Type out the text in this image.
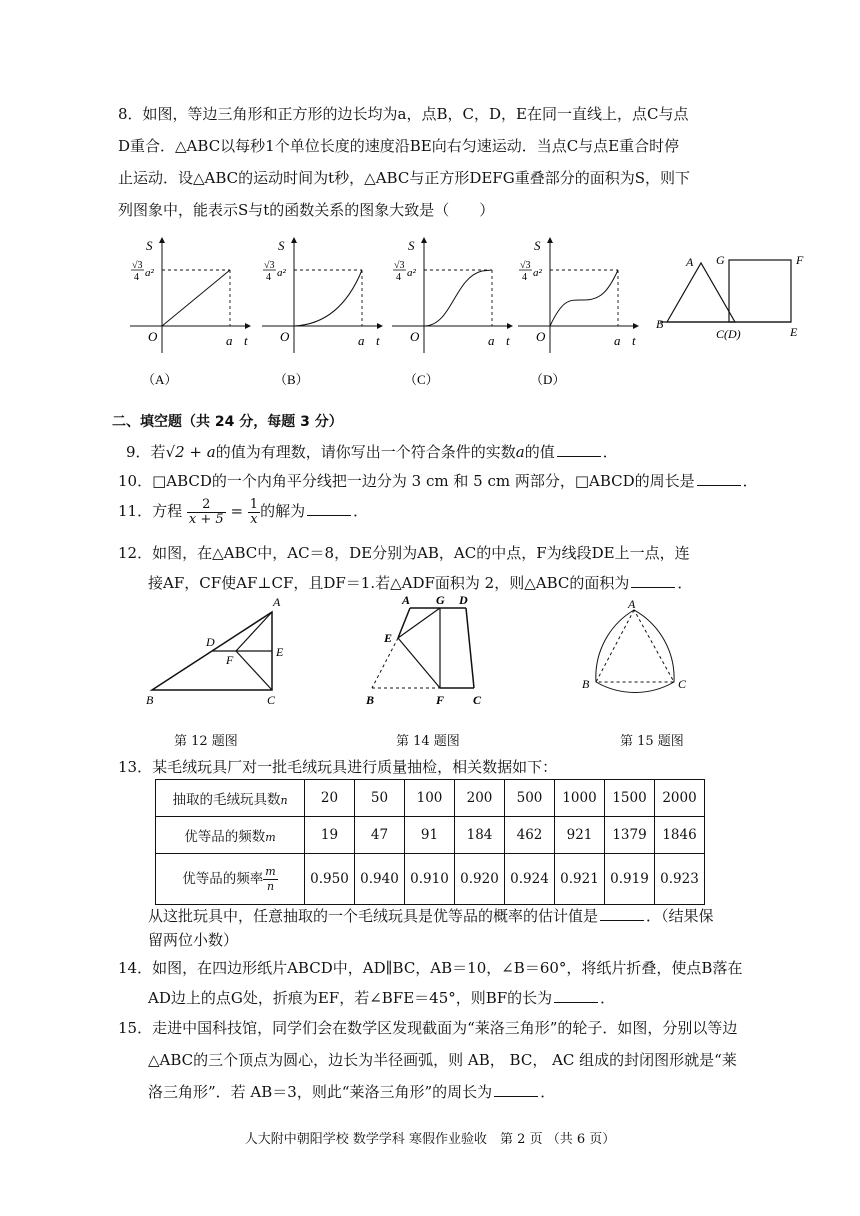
8．如图，等边三角形和正方形的边长均为a，点B，C，D，E在同一直线上，点C与点
D重合．△ABC以每秒1个单位长度的速度沿BE向右匀速运动．当点C与点E重合时停
止运动．设△ABC的运动时间为t秒，△ABC与正方形DEFG重叠部分的面积为S，则下
列图象中，能表示S与t的函数关系的图象大致是（　　）
S
√3
4 a²
O	a t
（A）
S
√3
4 a²
O	a t
（B）
S
√3
4 a²
O	a t
（C）
S
√3
4 a²
O	a t
（D）
A
B
C(D)	E
F
G
二、填空题（共 24 分，每题 3 分）
9．若√2 + a的值为有理数，请你写出一个符合条件的实数a的值	．
10．□ABCD的一个内角平分线把一边分为 3 cm 和 5 cm 两部分，□ABCD的周长是	．
11．方程 $\frac{2}{x + 5} = \frac{1}{x}$ 的解为	．
12．如图，在△ABC中，AC＝8，DE分别为AB，AC的中点，F为线段DE上一点，连
接AF，CF使AF⊥CF，且DF＝1.若△ADF面积为 2，则△ABC的面积为	．
A
B	C
D
E
F
第 12 题图
A G D
E
B	F C
第 14 题图
A
B	C
第 15 题图
13．某毛绒玩具厂对一批毛绒玩具进行质量抽检，相关数据如下：
抽取的毛绒玩具数n	20	50	100	200	500	1000	1500	2000
优等品的频数m	19	47	91	184	462	921	1379	1846
优等品的频率 $\frac{m}{n}$	0.950	0.940	0.910	0.920	0.924	0.921	0.919	0.923
从这批玩具中，任意抽取的一个毛绒玩具是优等品的概率的估计值是	．（结果保
留两位小数）
14．如图，在四边形纸片ABCD中，AD∥BC，AB＝10，∠B＝60°，将纸片折叠，使点B落在
AD边上的点G处，折痕为EF，若∠BFE＝45°，则BF的长为	．
15．走进中国科技馆，同学们会在数学区发现截面为“莱洛三角形”的轮子．如图，分别以等边
△ABC的三个顶点为圆心，边长为半径画弧，则 AB， BC， AC 组成的封闭图形就是“莱
洛三角形”．若 AB＝3，则此“莱洛三角形”的周长为	．
人大附中朝阳学校 数学学科 寒假作业验收　第 2 页 （共 6 页）
